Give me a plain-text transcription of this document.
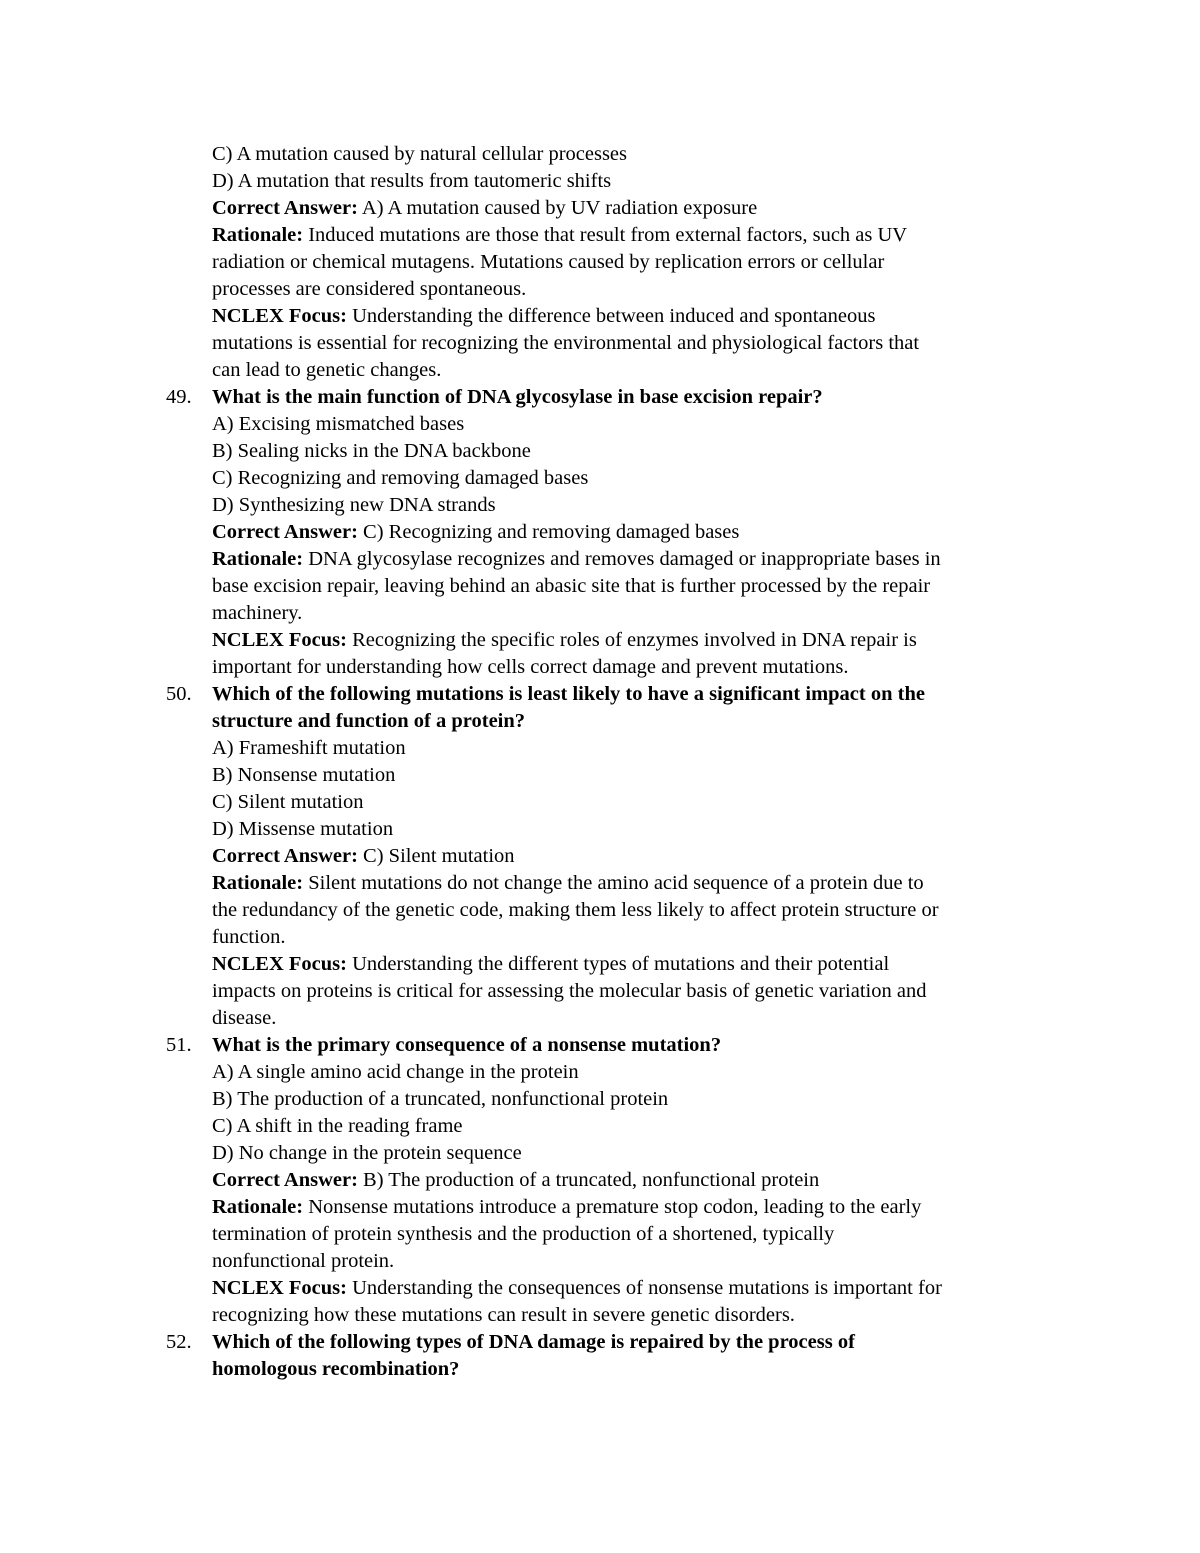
C) A mutation caused by natural cellular processes
D) A mutation that results from tautomeric shifts
Correct Answer: A) A mutation caused by UV radiation exposure
Rationale: Induced mutations are those that result from external factors, such as UV
radiation or chemical mutagens. Mutations caused by replication errors or cellular
processes are considered spontaneous.
NCLEX Focus: Understanding the difference between induced and spontaneous
mutations is essential for recognizing the environmental and physiological factors that
can lead to genetic changes.
49. What is the main function of DNA glycosylase in base excision repair?
A) Excising mismatched bases
B) Sealing nicks in the DNA backbone
C) Recognizing and removing damaged bases
D) Synthesizing new DNA strands
Correct Answer: C) Recognizing and removing damaged bases
Rationale: DNA glycosylase recognizes and removes damaged or inappropriate bases in
base excision repair, leaving behind an abasic site that is further processed by the repair
machinery.
NCLEX Focus: Recognizing the specific roles of enzymes involved in DNA repair is
important for understanding how cells correct damage and prevent mutations.
50. Which of the following mutations is least likely to have a significant impact on the
structure and function of a protein?
A) Frameshift mutation
B) Nonsense mutation
C) Silent mutation
D) Missense mutation
Correct Answer: C) Silent mutation
Rationale: Silent mutations do not change the amino acid sequence of a protein due to
the redundancy of the genetic code, making them less likely to affect protein structure or
function.
NCLEX Focus: Understanding the different types of mutations and their potential
impacts on proteins is critical for assessing the molecular basis of genetic variation and
disease.
51. What is the primary consequence of a nonsense mutation?
A) A single amino acid change in the protein
B) The production of a truncated, nonfunctional protein
C) A shift in the reading frame
D) No change in the protein sequence
Correct Answer: B) The production of a truncated, nonfunctional protein
Rationale: Nonsense mutations introduce a premature stop codon, leading to the early
termination of protein synthesis and the production of a shortened, typically
nonfunctional protein.
NCLEX Focus: Understanding the consequences of nonsense mutations is important for
recognizing how these mutations can result in severe genetic disorders.
52. Which of the following types of DNA damage is repaired by the process of
homologous recombination?
